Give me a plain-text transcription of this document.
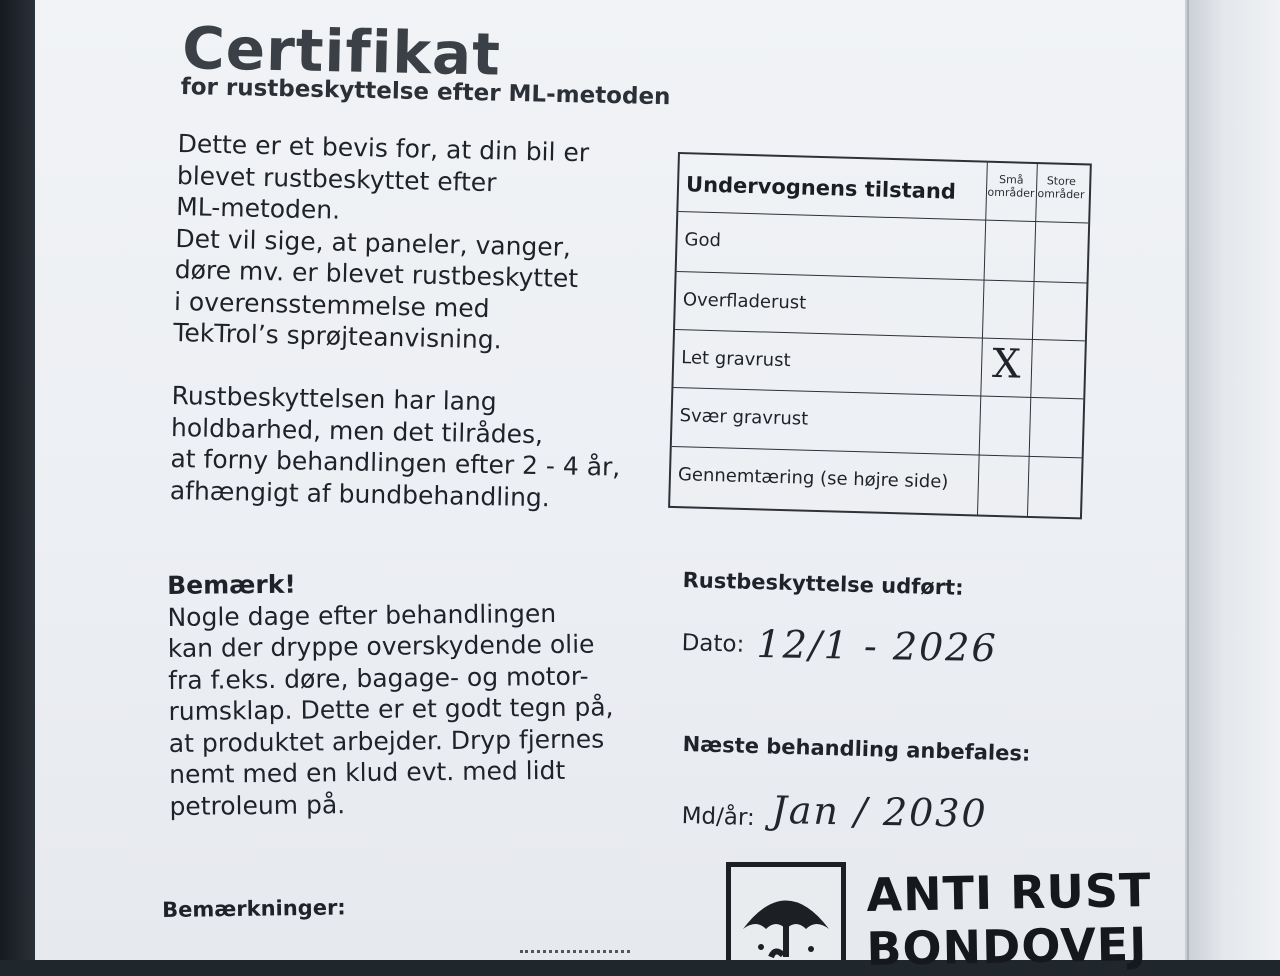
Certifikat
for rustbeskyttelse efter ML-metoden
Dette er et bevis for, at din bil er
blevet rustbeskyttet efter
ML-metoden.
Det vil sige, at paneler, vanger,
døre mv. er blevet rustbeskyttet
i overensstemmelse med
TekTrol’s sprøjteanvisning.
Rustbeskyttelsen har lang
holdbarhed, men det tilrådes,
at forny behandlingen efter 2 - 4 år,
afhængigt af bundbehandling.
Bemærk!
Nogle dage efter behandlingen
kan der dryppe overskydende olie
fra f.eks. døre, bagage- og motor-
rumsklap. Dette er et godt tegn på,
at produktet arbejder. Dryp fjernes
nemt med en klud evt. med lidt
petroleum på.
Bemærkninger:
Undervognens tilstand	Små områder
Store områder
God
Overfladerust
Let gravrust	X
Svær gravrust
Gennemtæring (se højre side)
Rustbeskyttelse udført:
Dato: 12/1 - 2026
Næste behandling anbefales:
Md/år: Jan / 2030
ANTI RUST
BONDOVEJ
